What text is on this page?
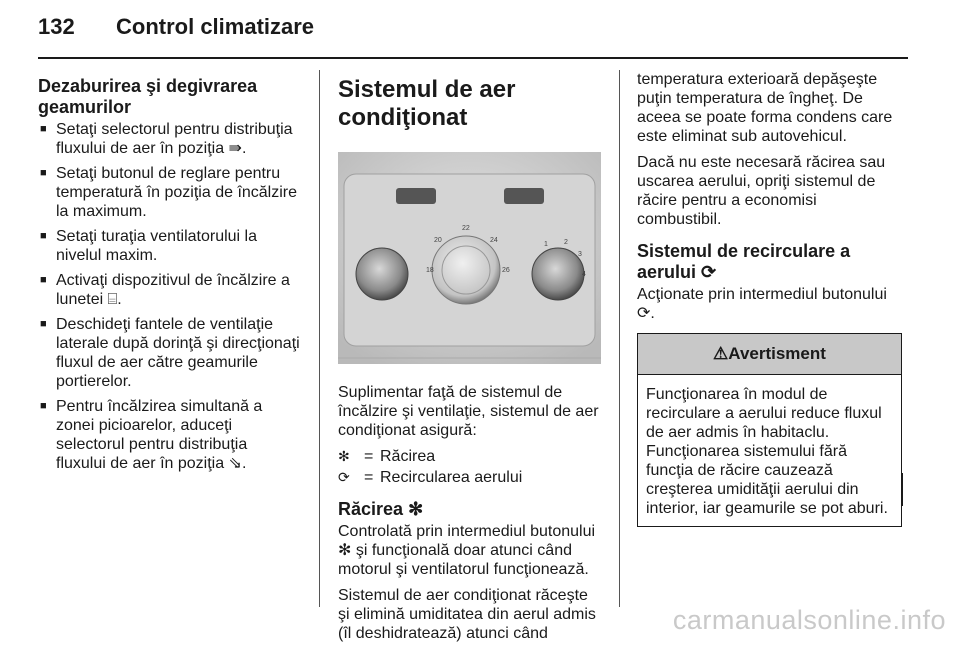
132 Control climatizare
Dezaburirea şi degivrarea geamurilor
■ Setaţi selectorul pentru distribuţia fluxului de aer în poziţia ⇛.
■ Setaţi butonul de reglare pentru temperatură în poziţia de încălzire la maximum.
■ Setaţi turaţia ventilatorului la nivelul maxim.
■ Activaţi dispozitivul de încălzire a lunetei ⌸.
■ Deschideţi fantele de ventilaţie laterale după dorinţă şi direcţionaţi fluxul de aer către geamurile portierelor.
■ Pentru încălzirea simultană a zonei picioarelor, aduceţi selectorul pentru distribuţia fluxului de aer în poziţia ⇘.
Sistemul de aer condiţionat
20
22
24
18	26
1 2
3
4

Suplimentar faţă de sistemul de încălzire şi ventilaţie, sistemul de aer condiţionat asigură:

✻ = Răcirea
⟳ = Recircularea aerului
Răcirea ✻

Controlată prin intermediul butonului ✻ şi funcţională doar atunci când motorul şi ventilatorul funcţionează.

Sistemul de aer condiţionat răceşte şi elimină umiditatea din aerul admis (îl deshidratează) atunci când

temperatura exterioară depăşeşte puţin temperatura de îngheţ. De aceea se poate forma condens care este eliminat sub autovehicul.

Dacă nu este necesară răcirea sau uscarea aerului, opriţi sistemul de răcire pentru a economisi combustibil.

Sistemul de recirculare a aerului ⟳

Acţionate prin intermediul butonului ⟳.

⚠Avertisment
Funcţionarea în modul de recirculare a aerului reduce fluxul de aer admis în habitaclu. Funcţionarea sistemului fără funcţia de răcire cauzează creşterea umidităţii aerului din interior, iar geamurile se pot aburi.
carmanualsonline.info
